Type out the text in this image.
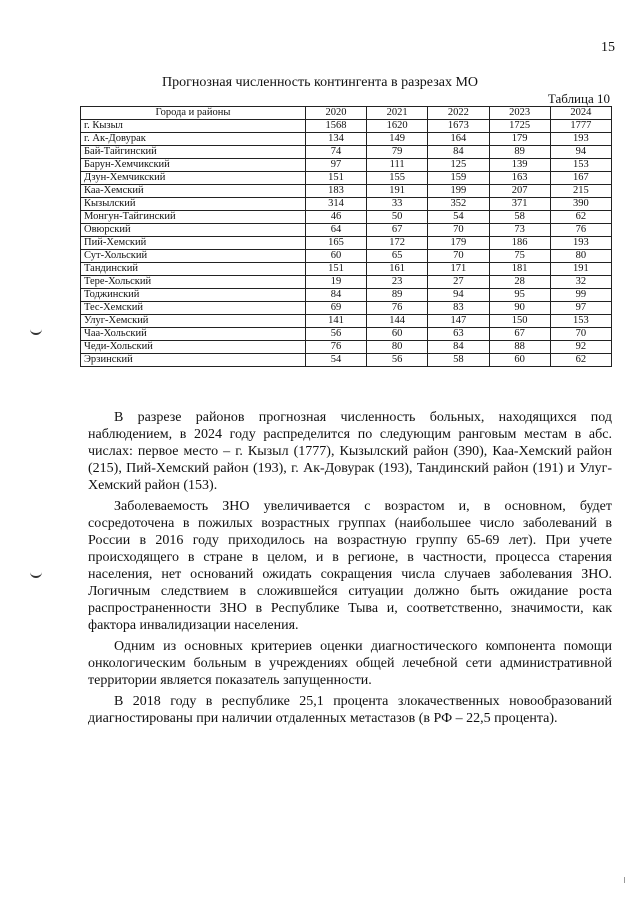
15
Прогнозная численность контингента в разрезах МО
Таблица 10
Города и районы	2020	2021	2022	2023	2024
г. Кызыл	1568	1620	1673	1725	1777
г. Ак-Довурак	134	149	164	179	193
Бай-Тайгинский	74	79	84	89	94
Барун-Хемчикский	97	111	125	139	153
Дзун-Хемчикский	151	155	159	163	167
Каа-Хемский	183	191	199	207	215
Кызылский	314	33	352	371	390
Монгун-Тайгинский	46	50	54	58	62
Овюрский	64	67	70	73	76
Пий-Хемский	165	172	179	186	193
Сут-Хольский	60	65	70	75	80
Тандинский	151	161	171	181	191
Тере-Хольский	19	23	27	28	32
Тоджинский	84	89	94	95	99
Тес-Хемский	69	76	83	90	97
Улуг-Хемский	141	144	147	150	153
Чаа-Хольский	56	60	63	67	70
Чеди-Хольский	76	80	84	88	92
Эрзинский	54	56	58	60	62

В разрезе районов прогнозная численность больных, находящихся под наблюдением, в 2024 году распределится по следующим ранговым местам в абс. числах: первое место – г. Кызыл (1777), Кызылский район (390), Каа-Хемский район (215), Пий-Хемский район (193), г. Ак-Довурак (193), Тандинский район (191) и Улуг-Хемский район (153).

Заболеваемость ЗНО увеличивается с возрастом и, в основном, будет сосредоточена в пожилых возрастных группах (наибольшее число заболеваний в России в 2016 году приходилось на возрастную группу 65-69 лет). При учете происходящего в стране в целом, и в регионе, в частности, процесса старения населения, нет оснований ожидать сокращения числа случаев заболевания ЗНО. Логичным следствием в сложившейся ситуации должно быть ожидание роста распространенности ЗНО в Республике Тыва и, соответственно, значимости, как фактора инвалидизации населения.

Одним из основных критериев оценки диагностического компонента помощи онкологическим больным в учреждениях общей лечебной сети административной территории является показатель запущенности.

В 2018 году в республике 25,1 процента злокачественных новообразований диагностированы при наличии отдаленных метастазов (в РФ – 22,5 процента).
